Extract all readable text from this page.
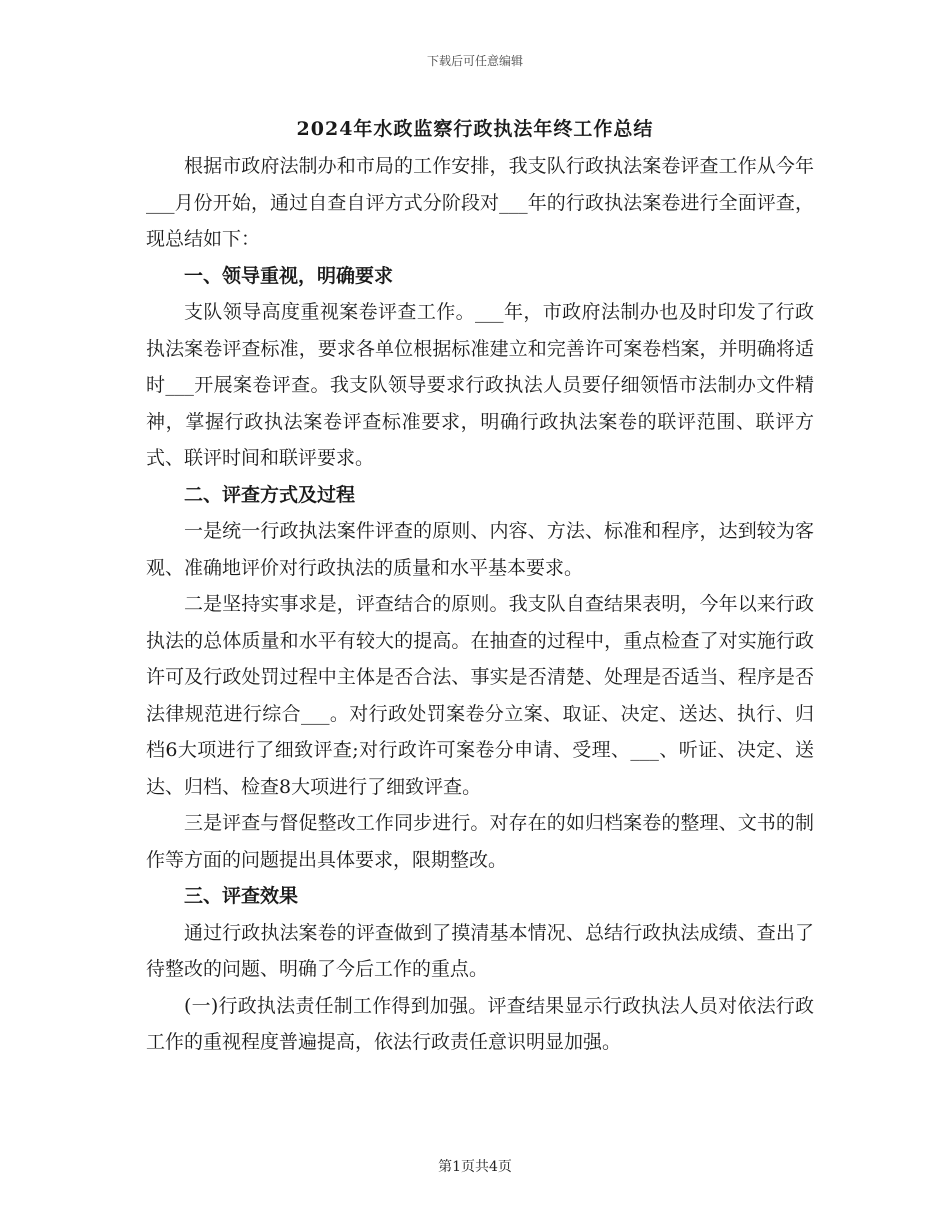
下载后可任意编辑
2024年水政监察行政执法年终工作总结

根据市政府法制办和市局的工作安排，我支队行政执法案卷评查工作从今年___月份开始，通过自查自评方式分阶段对___年的行政执法案卷进行全面评查，现总结如下：

一、领导重视，明确要求

支队领导高度重视案卷评查工作。___年，市政府法制办也及时印发了行政执法案卷评查标准，要求各单位根据标准建立和完善许可案卷档案，并明确将适时___开展案卷评查。我支队领导要求行政执法人员要仔细领悟市法制办文件精神，掌握行政执法案卷评查标准要求，明确行政执法案卷的联评范围、联评方式、联评时间和联评要求。

二、评查方式及过程

一是统一行政执法案件评查的原则、内容、方法、标准和程序，达到较为客观、准确地评价对行政执法的质量和水平基本要求。

二是坚持实事求是，评查结合的原则。我支队自查结果表明，今年以来行政执法的总体质量和水平有较大的提高。在抽查的过程中，重点检查了对实施行政许可及行政处罚过程中主体是否合法、事实是否清楚、处理是否适当、程序是否法律规范进行综合___。对行政处罚案卷分立案、取证、决定、送达、执行、归档6大项进行了细致评查;对行政许可案卷分申请、受理、___、听证、决定、送达、归档、检查8大项进行了细致评查。

三是评查与督促整改工作同步进行。对存在的如归档案卷的整理、文书的制作等方面的问题提出具体要求，限期整改。

三、评查效果

通过行政执法案卷的评查做到了摸清基本情况、总结行政执法成绩、查出了待整改的问题、明确了今后工作的重点。

(一)行政执法责任制工作得到加强。评查结果显示行政执法人员对依法行政工作的重视程度普遍提高，依法行政责任意识明显加强。

第1页共4页
